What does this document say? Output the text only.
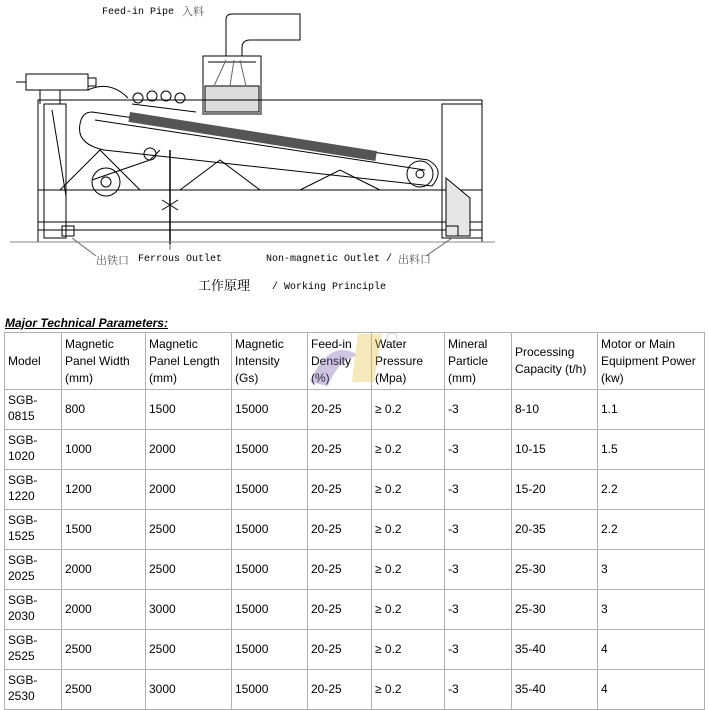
Feed-in Pipe 入料
出铁口 Ferrous Outlet	Non-magnetic Outlet / 出料口
工作原理 / Working Principle
Major Technical Parameters:
Model	Magnetic Panel Width (mm)	Magnetic Panel Length (mm)	Magnetic Intensity (Gs)	Feed-in Density (%)	Water Pressure (Mpa)	Mineral Particle (mm)	Processing Capacity (t/h)	Motor or Main Equipment Power (kw)
SGB-0815	800	1500	15000	20-25	≥ 0.2	-3	8-10	1.1
SGB-1020	1000	2000	15000	20-25	≥ 0.2	-3	10-15	1.5
SGB-1220	1200	2000	15000	20-25	≥ 0.2	-3	15-20	2.2
SGB-1525	1500	2500	15000	20-25	≥ 0.2	-3	20-35	2.2
SGB-2025	2000	2500	15000	20-25	≥ 0.2	-3	25-30	3
SGB-2030	2000	3000	15000	20-25	≥ 0.2	-3	25-30	3
SGB-2525	2500	2500	15000	20-25	≥ 0.2	-3	35-40	4
SGB-2530	2500	3000	15000	20-25	≥ 0.2	-3	35-40	4
